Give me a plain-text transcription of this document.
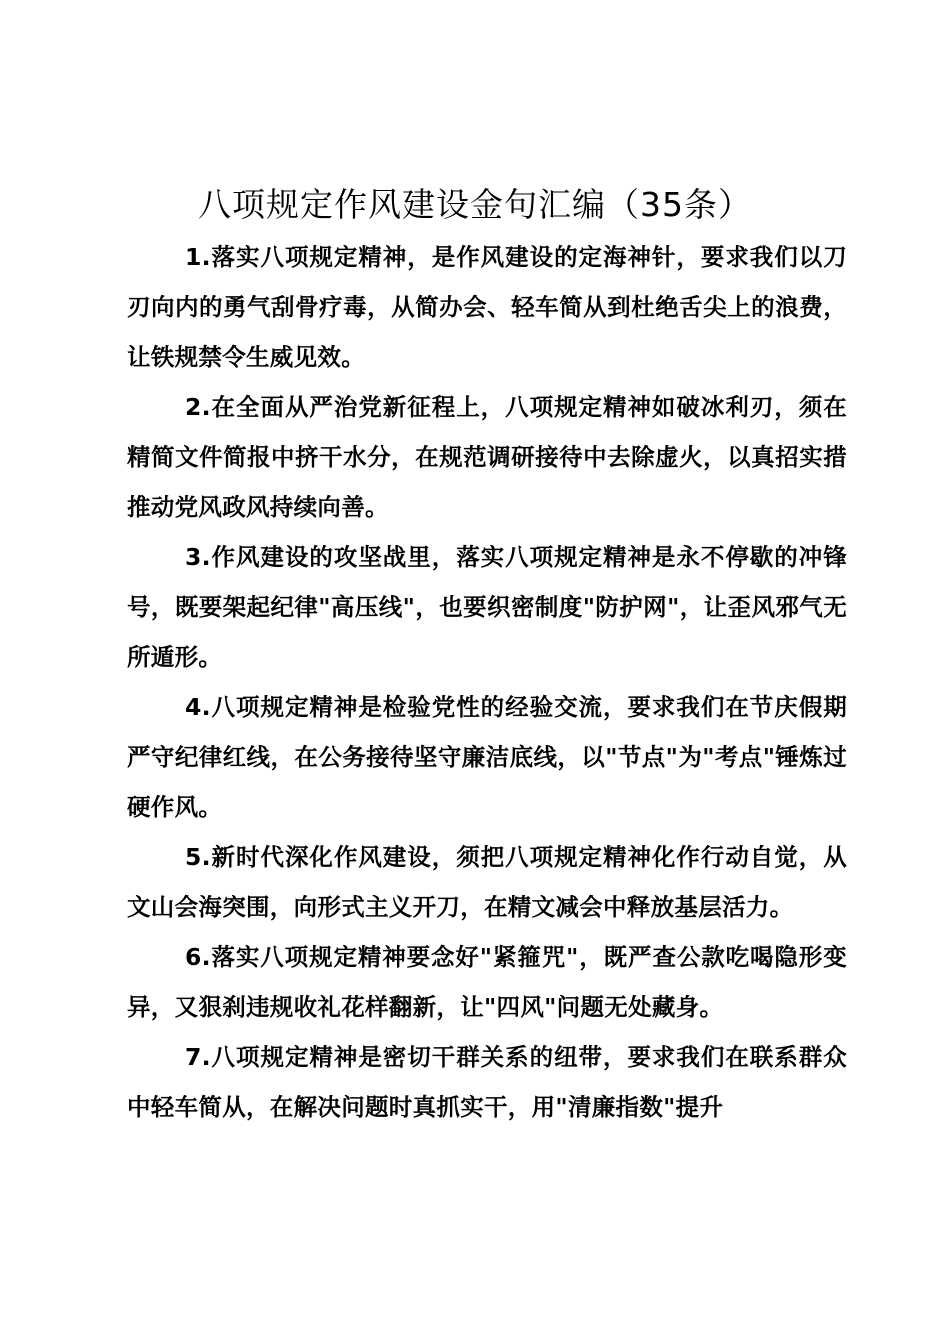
八项规定作风建设金句汇编（35条）

1.落实八项规定精神，是作风建设的定海神针，要求我们以刀刃向内的勇气刮骨疗毒，从简办会、轻车简从到杜绝舌尖上的浪费，让铁规禁令生威见效。

2.在全面从严治党新征程上，八项规定精神如破冰利刃，须在精简文件简报中挤干水分，在规范调研接待中去除虚火，以真招实措推动党风政风持续向善。

3.作风建设的攻坚战里，落实八项规定精神是永不停歇的冲锋号，既要架起纪律"高压线"，也要织密制度"防护网"，让歪风邪气无所遁形。

4.八项规定精神是检验党性的经验交流，要求我们在节庆假期严守纪律红线，在公务接待坚守廉洁底线，以"节点"为"考点"锤炼过硬作风。

5.新时代深化作风建设，须把八项规定精神化作行动自觉，从文山会海突围，向形式主义开刀，在精文减会中释放基层活力。

6.落实八项规定精神要念好"紧箍咒"，既严查公款吃喝隐形变异，又狠刹违规收礼花样翻新，让"四风"问题无处藏身。

7.八项规定精神是密切干群关系的纽带，要求我们在联系群众中轻车简从，在解决问题时真抓实干，用"清廉指数"提升
